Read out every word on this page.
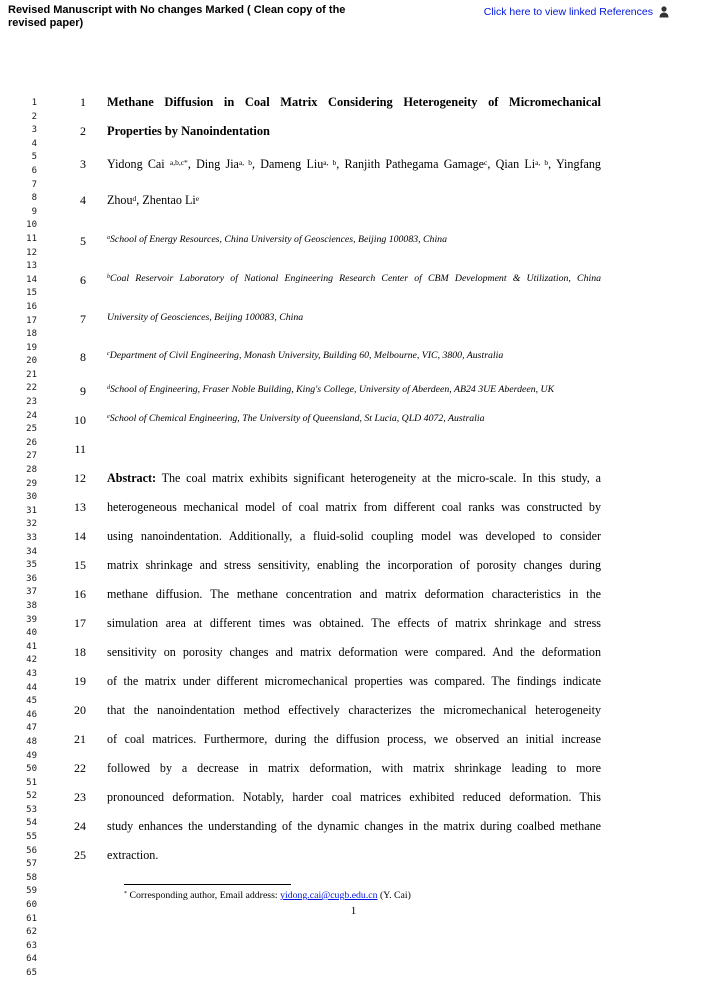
Revised Manuscript with No changes Marked ( Clean copy of the
revised paper)
Click here to view linked References
1
2
3
4
5
6
7
8
9
10
11
12
13
14
15
16
17
18
19
20
21
22
23
24
25
26
27
28
29
30
31
32
33
34
35
36
37
38
39
40
41
42
43
44
45
46
47
48
49
50
51
52
53
54
55
56
57
58
59
60
61
62
63
64
65
1 Methane Diffusion in Coal Matrix Considering Heterogeneity of Micromechanical
2 Properties by Nanoindentation
3 Yidong Cai $^{a,b,c*}$, Ding Jia$^{a, b}$, Dameng Liu$^{a, b}$, Ranjith Pathegama Gamage$^c$, Qian Li$^{a, b}$, Yingfang
4 Zhou$^d$, Zhentao Li$^e$
5	$^a$School of Energy Resources, China University of Geosciences, Beijing 100083, China
6	$^b$Coal Reservoir Laboratory of National Engineering Research Center of CBM Development & Utilization, China
7 University of Geosciences, Beijing 100083, China
8	$^c$Department of Civil Engineering, Monash University, Building 60, Melbourne, VIC, 3800, Australia
9	$^d$School of Engineering, Fraser Noble Building, King's College, University of Aberdeen, AB24 3UE Aberdeen, UK
10	$^e$School of Chemical Engineering, The University of Queensland, St Lucia, QLD 4072, Australia
11
12 Abstract: The coal matrix exhibits significant heterogeneity at the micro-scale. In this study, a
13 heterogeneous mechanical model of coal matrix from different coal ranks was constructed by
14 using nanoindentation. Additionally, a fluid-solid coupling model was developed to consider
15 matrix shrinkage and stress sensitivity, enabling the incorporation of porosity changes during
16 methane diffusion. The methane concentration and matrix deformation characteristics in the
17 simulation area at different times was obtained. The effects of matrix shrinkage and stress
18 sensitivity on porosity changes and matrix deformation were compared. And the deformation
19 of the matrix under different micromechanical properties was compared. The findings indicate
20 that the nanoindentation method effectively characterizes the micromechanical heterogeneity
21 of coal matrices. Furthermore, during the diffusion process, we observed an initial increase
22 followed by a decrease in matrix deformation, with matrix shrinkage leading to more
23 pronounced deformation. Notably, harder coal matrices exhibited reduced deformation. This
24 study enhances the understanding of the dynamic changes in the matrix during coalbed methane
25 extraction.
* Corresponding author, Email address: yidong.cai@cugb.edu.cn (Y. Cai)
1
